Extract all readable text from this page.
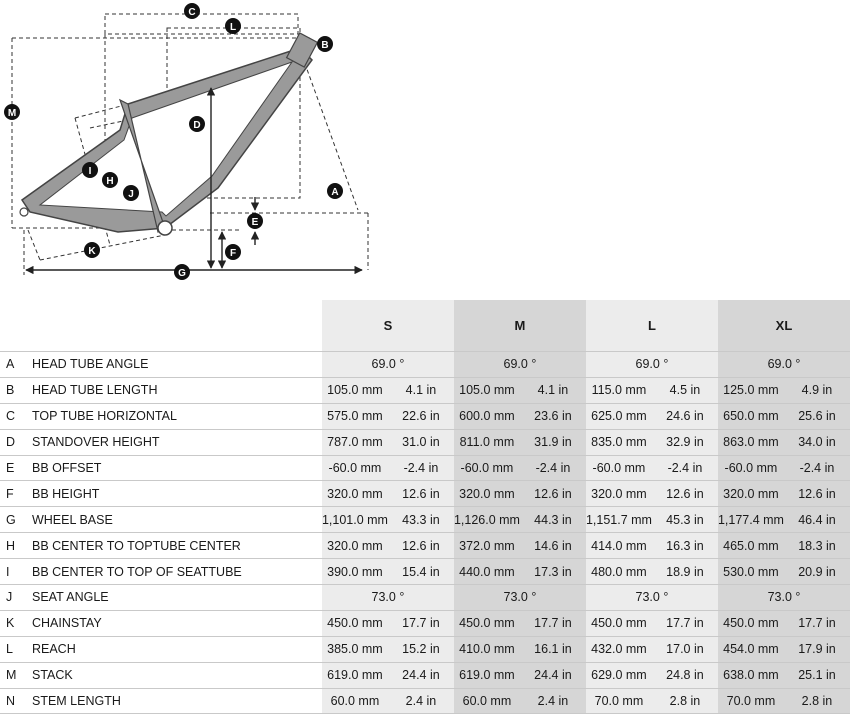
C
L
B
M
D
I
H
J	A
E
F
K
G
		S		M		L		XL	
A	HEAD TUBE ANGLE	69.0 °		69.0 °		69.0 °		69.0 °	
B	HEAD TUBE LENGTH	105.0 mm	4.1 in	105.0 mm	4.1 in	115.0 mm	4.5 in	125.0 mm	4.9 in
C	TOP TUBE HORIZONTAL	575.0 mm	22.6 in	600.0 mm	23.6 in	625.0 mm	24.6 in	650.0 mm	25.6 in
D	STANDOVER HEIGHT	787.0 mm	31.0 in	811.0 mm	31.9 in	835.0 mm	32.9 in	863.0 mm	34.0 in
E	BB OFFSET	-60.0 mm	-2.4 in	-60.0 mm	-2.4 in	-60.0 mm	-2.4 in	-60.0 mm	-2.4 in
F	BB HEIGHT	320.0 mm	12.6 in	320.0 mm	12.6 in	320.0 mm	12.6 in	320.0 mm	12.6 in
G	WHEEL BASE	1,101.0 mm	43.3 in	1,126.0 mm	44.3 in	1,151.7 mm	45.3 in	1,177.4 mm	46.4 in
H	BB CENTER TO TOPTUBE CENTER	320.0 mm	12.6 in	372.0 mm	14.6 in	414.0 mm	16.3 in	465.0 mm	18.3 in
I	BB CENTER TO TOP OF SEATTUBE	390.0 mm	15.4 in	440.0 mm	17.3 in	480.0 mm	18.9 in	530.0 mm	20.9 in
J	SEAT ANGLE	73.0 °		73.0 °		73.0 °		73.0 °	
K	CHAINSTAY	450.0 mm	17.7 in	450.0 mm	17.7 in	450.0 mm	17.7 in	450.0 mm	17.7 in
L	REACH	385.0 mm	15.2 in	410.0 mm	16.1 in	432.0 mm	17.0 in	454.0 mm	17.9 in
M	STACK	619.0 mm	24.4 in	619.0 mm	24.4 in	629.0 mm	24.8 in	638.0 mm	25.1 in
N	STEM LENGTH	60.0 mm	2.4 in	60.0 mm	2.4 in	70.0 mm	2.8 in	70.0 mm	2.8 in
